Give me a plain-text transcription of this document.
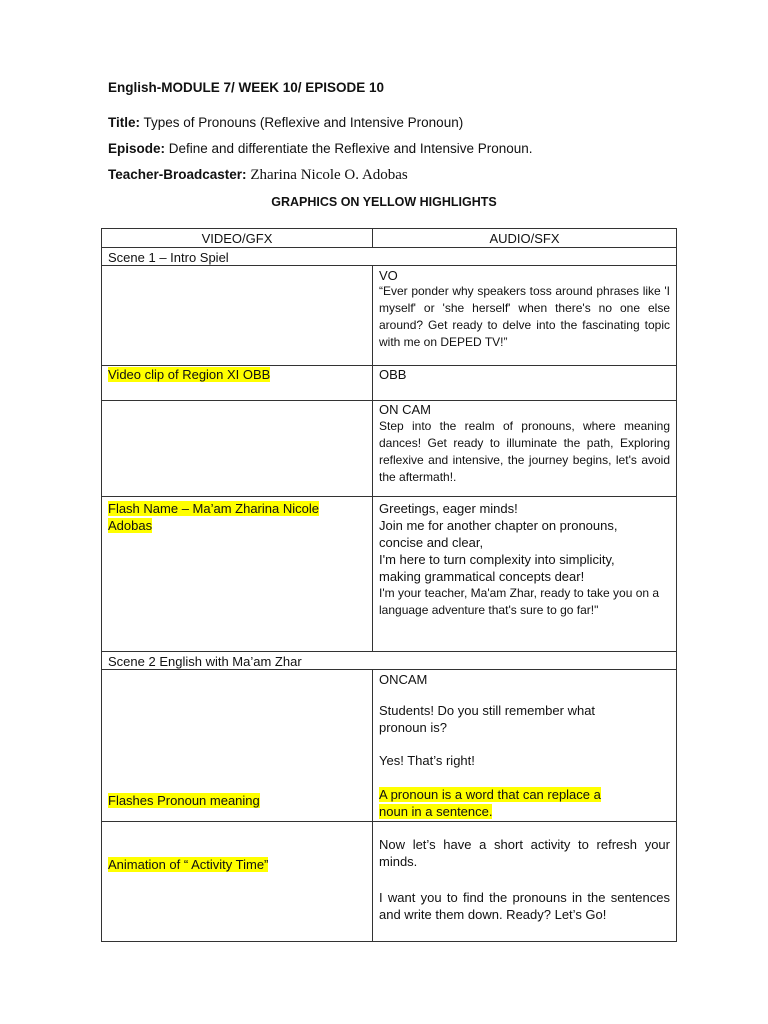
English-MODULE 7/ WEEK 10/ EPISODE 10
Title: Types of Pronouns (Reflexive and Intensive Pronoun)
Episode: Define and differentiate the Reflexive and Intensive Pronoun.
Teacher-Broadcaster: Zharina Nicole O. Adobas
GRAPHICS ON YELLOW HIGHLIGHTS
VIDEO/GFX	AUDIO/SFX
Scene 1 – Intro Spiel
VO
“Ever ponder why speakers toss around phrases like 'I myself' or 'she herself' when there's no one else around? Get ready to delve into the fascinating topic with me on DEPED TV!”
Video clip of Region XI OBB	OBB
ON CAM
Step into the realm of pronouns, where meaning dances! Get ready to illuminate the path, Exploring reflexive and intensive, the journey begins, let's avoid the aftermath!.
Flash Name – Ma’am Zharina Nicole
Adobas
Greetings, eager minds!
Join me for another chapter on pronouns,
concise and clear,
I'm here to turn complexity into simplicity,
making grammatical concepts dear!
I'm your teacher, Ma'am Zhar, ready to take you on a language adventure that's sure to go far!"
Scene 2 English with Ma’am Zhar
Flashes Pronoun meaning
ONCAM
Students! Do you still remember what
pronoun is?
Yes! That’s right!
A pronoun is a word that can replace a
noun in a sentence.
Animation of “ Activity Time”
Now let’s have a short activity to refresh your minds.
I want you to find the pronouns in the sentences and write them down. Ready? Let’s Go!
